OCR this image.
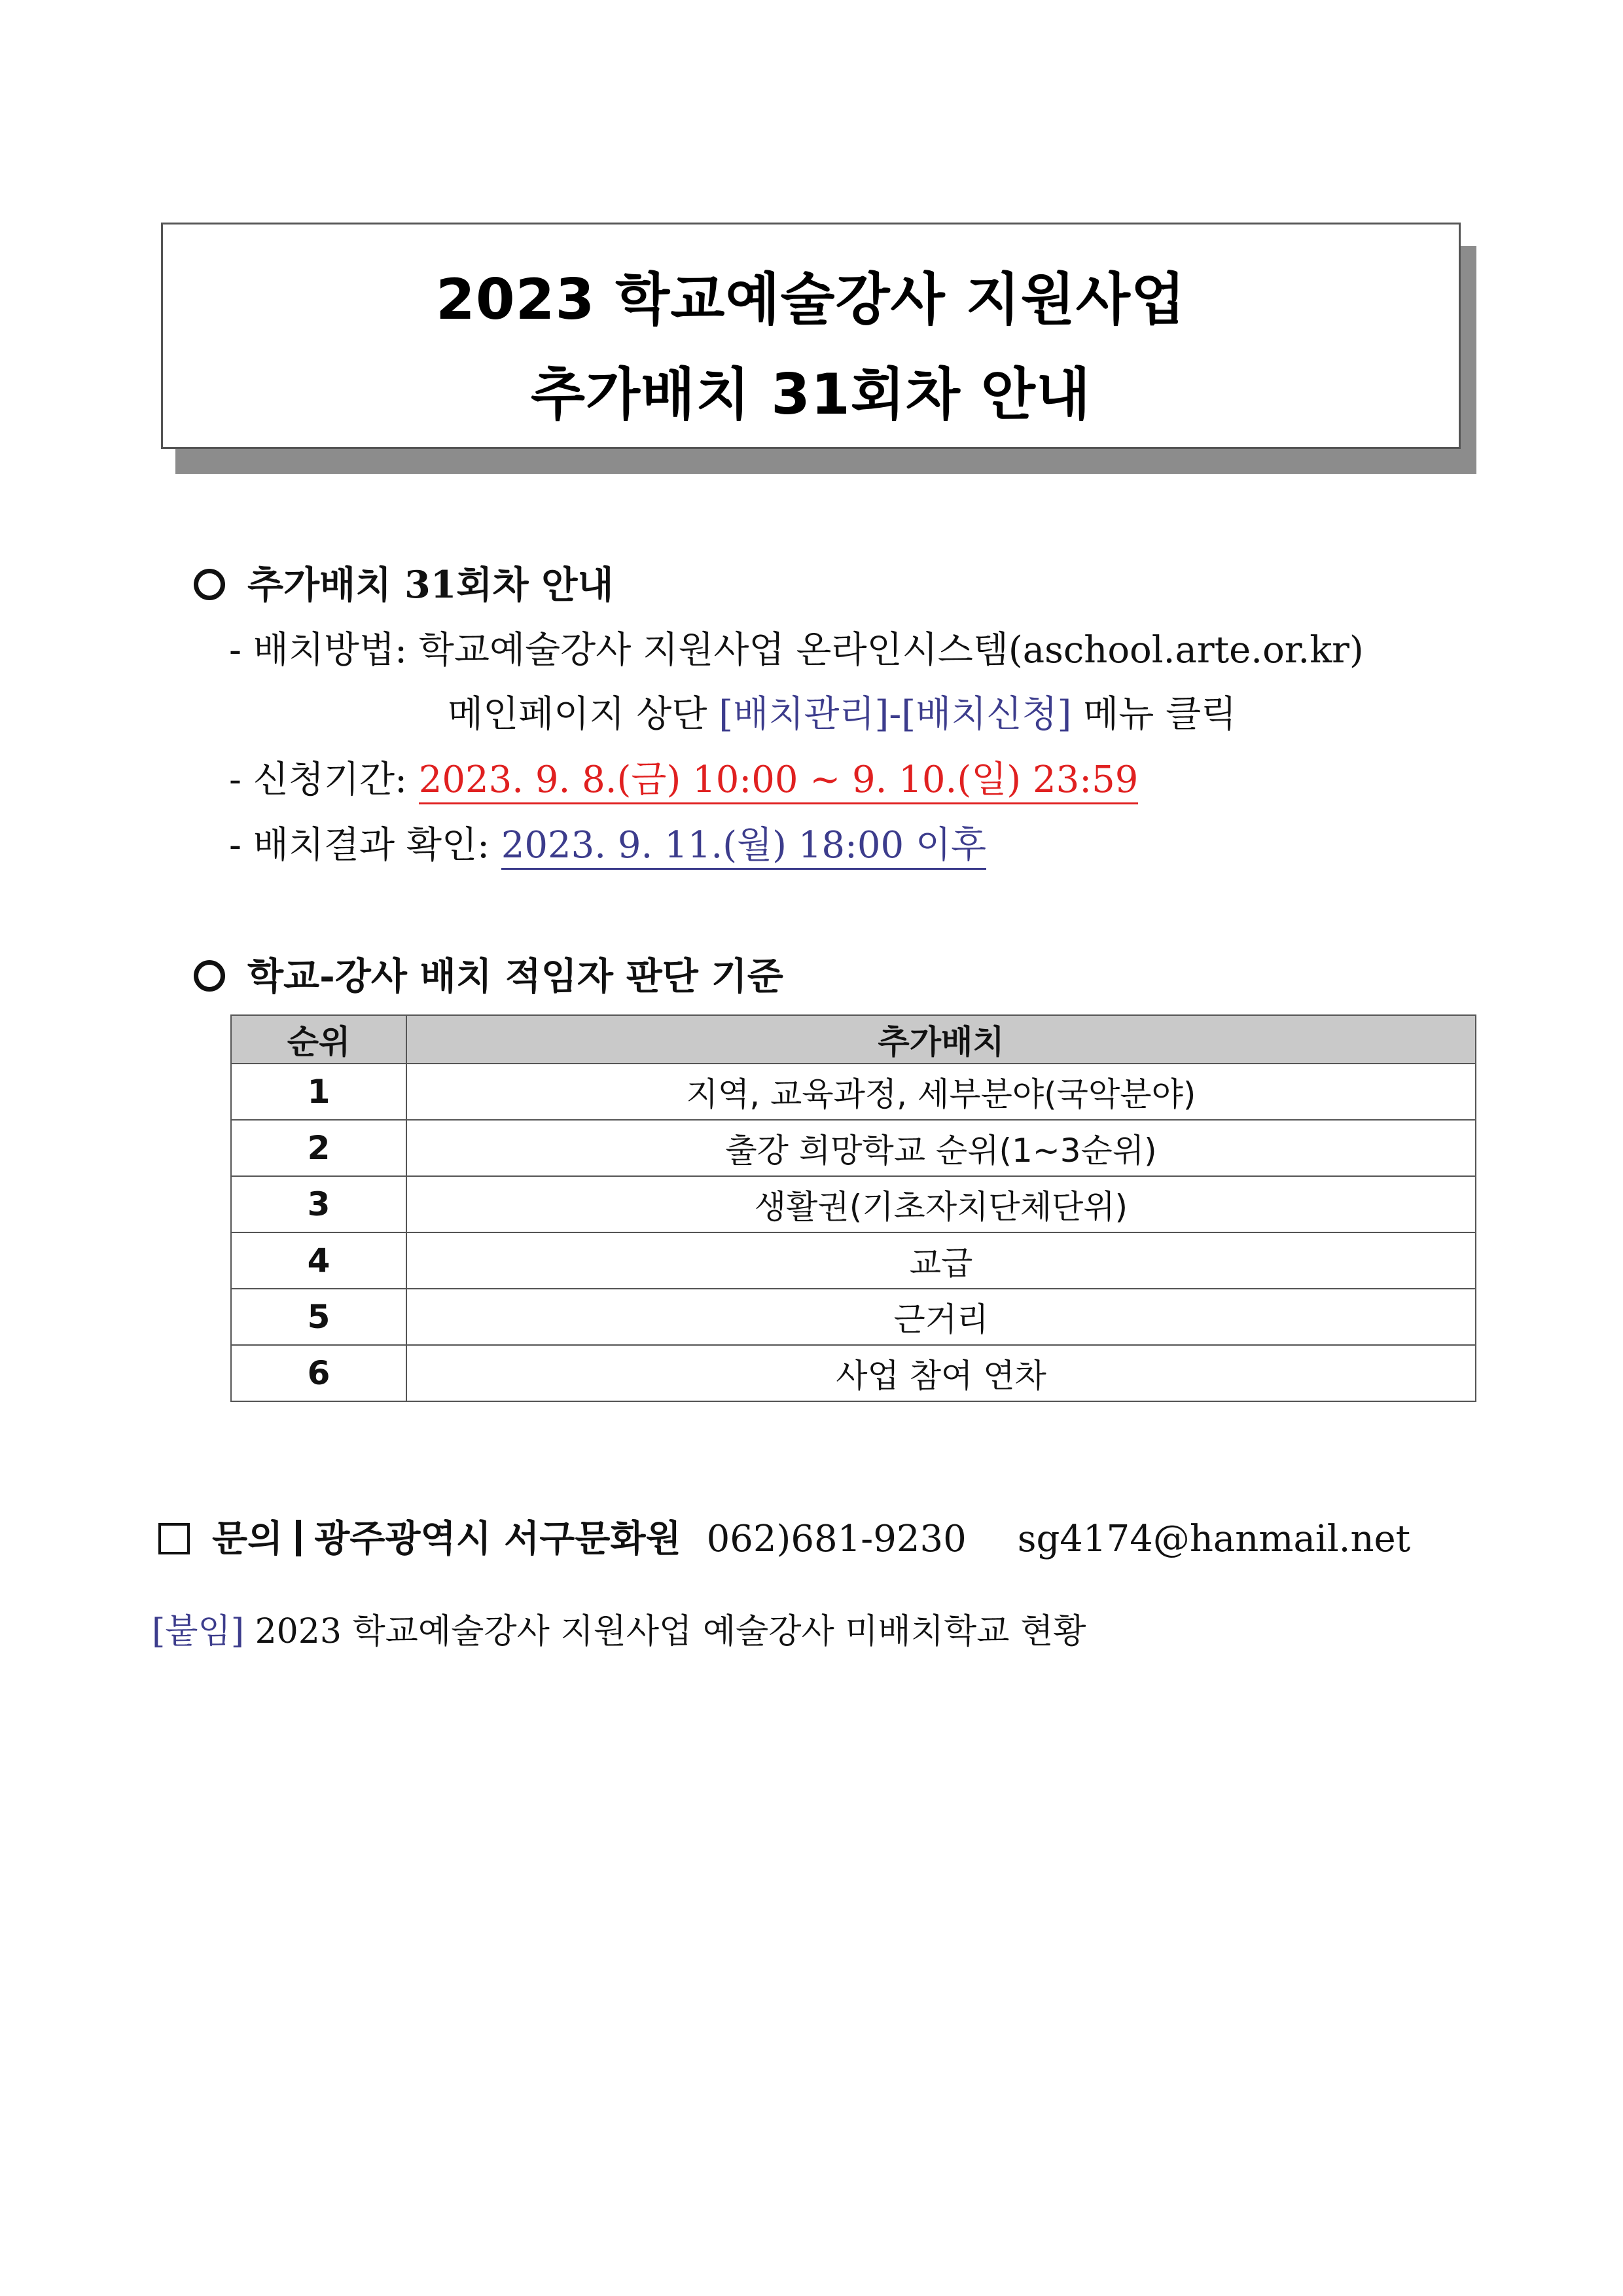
2023 학교예술강사 지원사업
추가배치 31회차 안내
추가배치 31회차 안내
- 배치방법: 학교예술강사 지원사업 온라인시스템(aschool.arte.or.kr)
메인페이지 상단 [배치관리]-[배치신청] 메뉴 클릭
- 신청기간: 2023. 9. 8.(금) 10:00 ~ 9. 10.(일) 23:59
- 배치결과 확인: 2023. 9. 11.(월) 18:00 이후
학교-강사 배치 적임자 판단 기준
순위	추가배치
1	지역, 교육과정, 세부분야(국악분야)
2	출강 희망학교 순위(1~3순위)
3	생활권(기초자치단체단위)
4	교급
5	근거리
6	사업 참여 연차
문의 광주광역시 서구문화원 062)681-9230 sg4174@hanmail.net
[붙임] 2023 학교예술강사 지원사업 예술강사 미배치학교 현황
